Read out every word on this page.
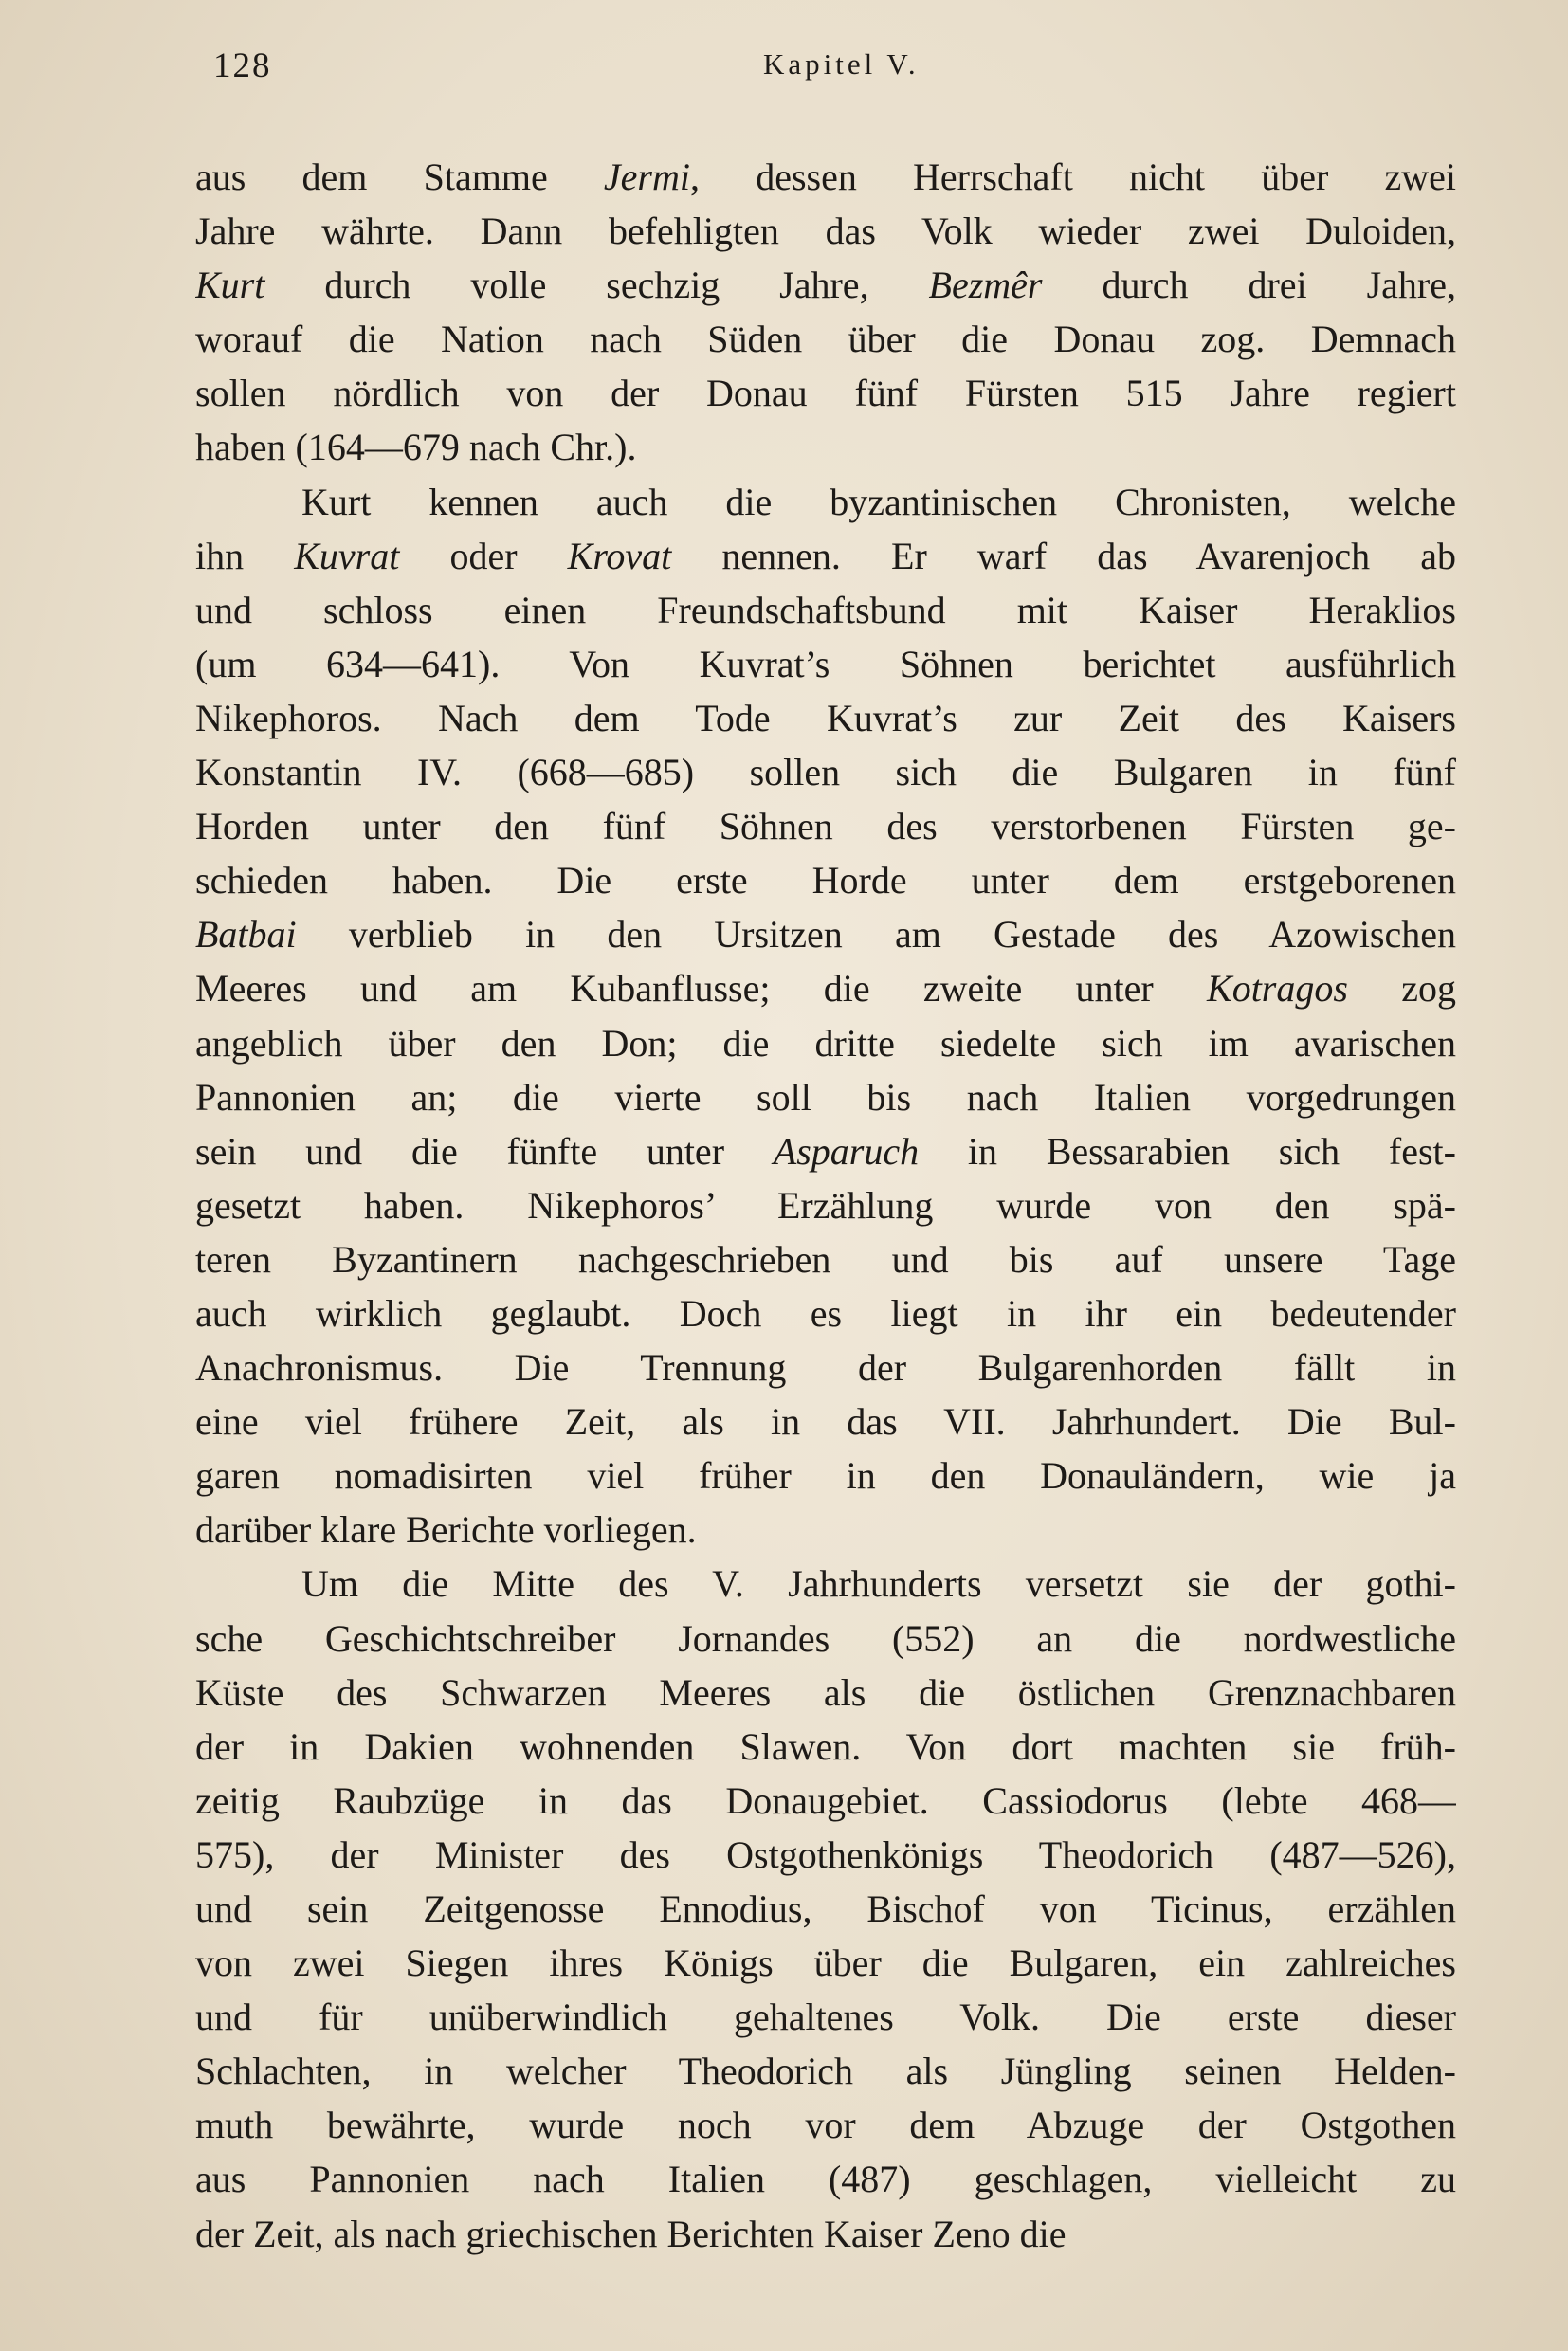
128	Kapitel V.
aus dem Stamme Jermi, dessen Herrschaft nicht über zwei
Jahre währte. Dann befehligten das Volk wieder zwei Duloiden,
Kurt durch volle sechzig Jahre, Bezmêr durch drei Jahre,
worauf die Nation nach Süden über die Donau zog. Demnach
sollen nördlich von der Donau fünf Fürsten 515 Jahre regiert
haben (164—679 nach Chr.).
Kurt kennen auch die byzantinischen Chronisten, welche
ihn Kuvrat oder Krovat nennen. Er warf das Avarenjoch ab
und schloss einen Freundschaftsbund mit Kaiser Heraklios
(um 634—641). Von Kuvrat’s Söhnen berichtet ausführlich
Nikephoros. Nach dem Tode Kuvrat’s zur Zeit des Kaisers
Konstantin IV. (668—685) sollen sich die Bulgaren in fünf
Horden unter den fünf Söhnen des verstorbenen Fürsten ge-
schieden haben. Die erste Horde unter dem erstgeborenen
Batbai verblieb in den Ursitzen am Gestade des Azowischen
Meeres und am Kubanflusse; die zweite unter Kotragos zog
angeblich über den Don; die dritte siedelte sich im avarischen
Pannonien an; die vierte soll bis nach Italien vorgedrungen
sein und die fünfte unter Asparuch in Bessarabien sich fest-
gesetzt haben. Nikephoros’ Erzählung wurde von den spä-
teren Byzantinern nachgeschrieben und bis auf unsere Tage
auch wirklich geglaubt. Doch es liegt in ihr ein bedeutender
Anachronismus. Die Trennung der Bulgarenhorden fällt in
eine viel frühere Zeit, als in das VII. Jahrhundert. Die Bul-
garen nomadisirten viel früher in den Donauländern, wie ja
darüber klare Berichte vorliegen.
Um die Mitte des V. Jahrhunderts versetzt sie der gothi-
sche Geschichtschreiber Jornandes (552) an die nordwestliche
Küste des Schwarzen Meeres als die östlichen Grenznachbaren
der in Dakien wohnenden Slawen. Von dort machten sie früh-
zeitig Raubzüge in das Donaugebiet. Cassiodorus (lebte 468—
575), der Minister des Ostgothenkönigs Theodorich (487—526),
und sein Zeitgenosse Ennodius, Bischof von Ticinus, erzählen
von zwei Siegen ihres Königs über die Bulgaren, ein zahlreiches
und für unüberwindlich gehaltenes Volk. Die erste dieser
Schlachten, in welcher Theodorich als Jüngling seinen Helden-
muth bewährte, wurde noch vor dem Abzuge der Ostgothen
aus Pannonien nach Italien (487) geschlagen, vielleicht zu
der Zeit, als nach griechischen Berichten Kaiser Zeno die
